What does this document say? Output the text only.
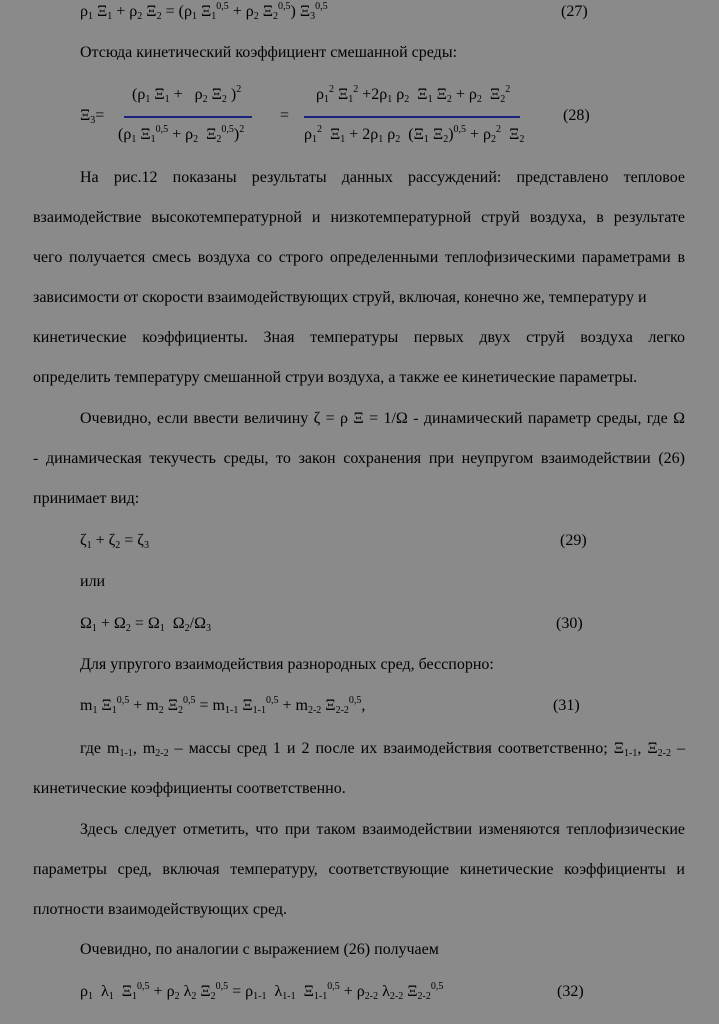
$\rho_1$ $\Xi_1 + \rho_2$ $\Xi_2 = (\rho_1$ $\Xi_1^{0,5} + \rho_2$ $\Xi_2^{0,5}$) $\Xi_3^{0,5}$	(27)
Отсюда кинетический коэффициент смешанной среды:
$\Xi_3=$
($\rho_1$ $\Xi_1 + \rho_2$ $\Xi_2$ )$^2$
($\rho_1$ $\Xi_1^{0,5} + \rho_2$  $\Xi_2^{0,5})^2$
=
$\rho_1^2$ $\Xi_1^2 +2\rho_1$ $\rho_2$  $\Xi_1$ $\Xi_2 + \rho_2$  $\Xi_2^2$
$\rho_1^2$  $\Xi_1 + 2\rho_1$ $\rho_2$  ($\Xi_1$ $\Xi_2)^{0,5} + \rho_2^2$  $\Xi_2$
(28)
На рис.12 показаны результаты данных рассуждений: представлено тепловое
взаимодействие высокотемпературной и низкотемпературной струй воздуха, в результате
чего получается смесь воздуха со строго определенными теплофизическими параметрами в
зависимости от скорости взаимодействующих струй, включая, конечно же, температуру и
кинетические коэффициенты. Зная температуры первых двух струй воздуха легко
определить температуру смешанной струи воздуха, а также ее кинетические параметры.
Очевидно, если ввести величину ζ = ρ Ξ = 1/Ω - динамический параметр среды, где Ω
- динамическая текучесть среды, то закон сохранения при неупругом взаимодействии (26)
принимает вид:
$\zeta_1 + \zeta_2 = \zeta_3$	(29)
или
$\Omega_1 + \Omega_2 = \Omega_1$  $\Omega_2/\Omega_3$	(30)
Для упругого взаимодействия разнородных сред, бесспорно:
$m_1$ $\Xi_1^{0,5} + m_2$ $\Xi_2^{0,5} = m_{1-1}$ $\Xi_{1-1}^{0,5} + m_{2-2}$ $\Xi_{2-2}^{0,5}$,	(31)
где $m_{1-1}$, $m_{2-2}$ – массы сред 1 и 2 после их взаимодействия соответственно; $\Xi_{1-1}$, $\Xi_{2-2}$ –
кинетические коэффициенты соответственно.
Здесь следует отметить, что при таком взаимодействии изменяются теплофизические
параметры сред, включая температуру, соответствующие кинетические коэффициенты и
плотности взаимодействующих сред.
Очевидно, по аналогии с выражением (26) получаем
$\rho_1$  $\lambda_1$  $\Xi_1^{0,5} + \rho_2$ $\lambda_2$ $\Xi_2^{0,5} = \rho_{1-1}$  $\lambda_{1-1}$  $\Xi_{1-1}^{0,5} + \rho_{2-2}$ $\lambda_{2-2}$ $\Xi_{2-2}^{0,5}$	(32)
